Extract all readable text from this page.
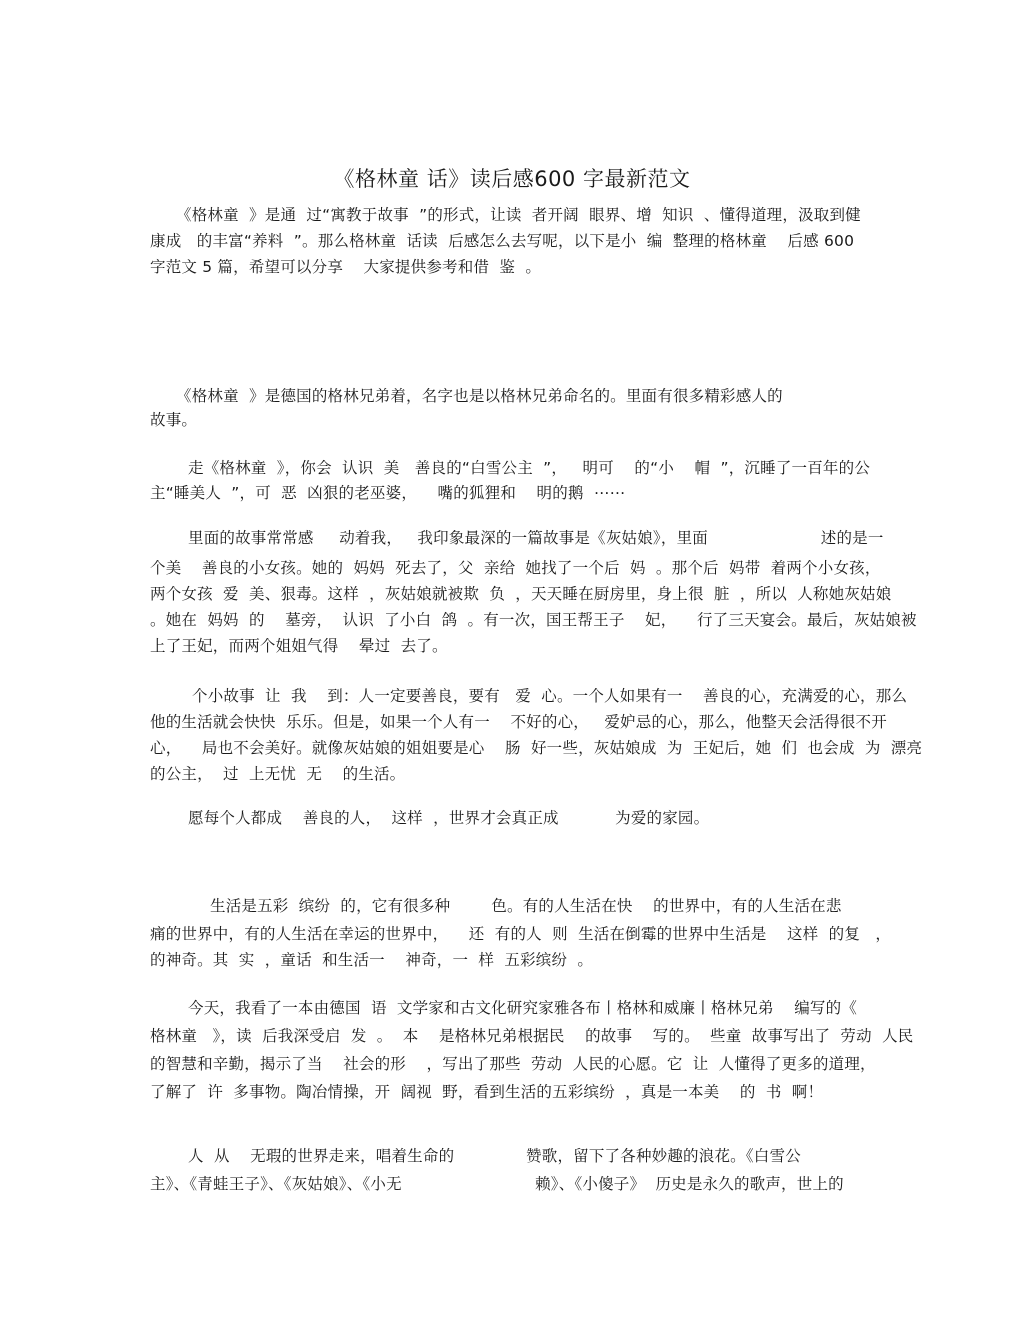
《格林童 话》读后感600 字最新范文
《格林童  》是通  过“寓教于故事  ”的形式，让读  者开阔  眼界、增  知识  、懂得道理，汲取到健
康成   的丰富“养料  ”。那么格林童  话读  后感怎么去写呢，以下是小  编  整理的格林童    后感 600
字范文 5 篇，希望可以分享    大家提供参考和借  鉴  。
《格林童  》是德国的格林兄弟着，名字也是以格林兄弟命名的。里面有很多精彩感人的
故事。
走《格林童  》，你会  认识  美   善良的“白雪公主  ”，   明可    的“小    帽  ”，沉睡了一百年的公
主“睡美人  ”，可  恶  凶狠的老巫婆，    嘴的狐狸和    明的鹅  ⋯⋯
里面的故事常常感     动着我，   我印象最深的一篇故事是《灰姑娘》，里面                      述的是一
个美    善良的小女孩。她的  妈妈  死去了，父  亲给  她找了一个后  妈  。那个后  妈带  着两个小女孩，
两个女孩  爱  美、狠毒。这样  ，灰姑娘就被欺  负  ，天天睡在厨房里，身上很  脏  ，所以  人称她灰姑娘
。她在  妈妈  的    墓旁，  认识  了小白  鸽  。有一次，国王帮王子    妃，    行了三天宴会。最后，灰姑娘被
上了王妃，而两个姐姐气得    晕过  去了。
个小故事  让  我    到：人一定要善良，要有   爱  心。一个人如果有一    善良的心，充满爱的心，那么
他的生活就会快快  乐乐。但是，如果一个人有一    不好的心，   爱妒忌的心，那么，他整天会活得很不开
心，    局也不会美好。就像灰姑娘的姐姐要是心    肠  好一些，灰姑娘成  为  王妃后，她  们  也会成  为  漂亮
的公主，  过  上无忧  无    的生活。
愿每个人都成    善良的人，  这样  ，世界才会真正成           为爱的家园。
生活是五彩  缤纷  的，它有很多种        色。有的人生活在快    的世界中，有的人生活在悲
痛的世界中，有的人生活在幸运的世界中，    还  有的人  则  生活在倒霉的世界中生活是    这样  的复   ，
的神奇。其  实  ，童话  和生活一    神奇，一  样  五彩缤纷  。
今天，我看了一本由德国  语  文学家和古文化研究家雅各布丨格林和威廉丨格林兄弟    编写的《
格林童   》，读  后我深受启  发  。  本    是格林兄弟根据民    的故事    写的。  些童  故事写出了  劳动  人民
的智慧和辛勤，揭示了当    社会的形    ，写出了那些  劳动  人民的心愿。它  让  人懂得了更多的道理，
了解了  许  多事物。陶冶情操，开  阔视  野，看到生活的五彩缤纷  ，真是一本美    的  书  啊！
人  从    无瑕的世界走来，唱着生命的              赞歌，留下了各种妙趣的浪花。《白雪公
主》、《青蛙王子》、《灰姑娘》、《小无                          赖》、《小傻子》  历史是永久的歌声，世上的
